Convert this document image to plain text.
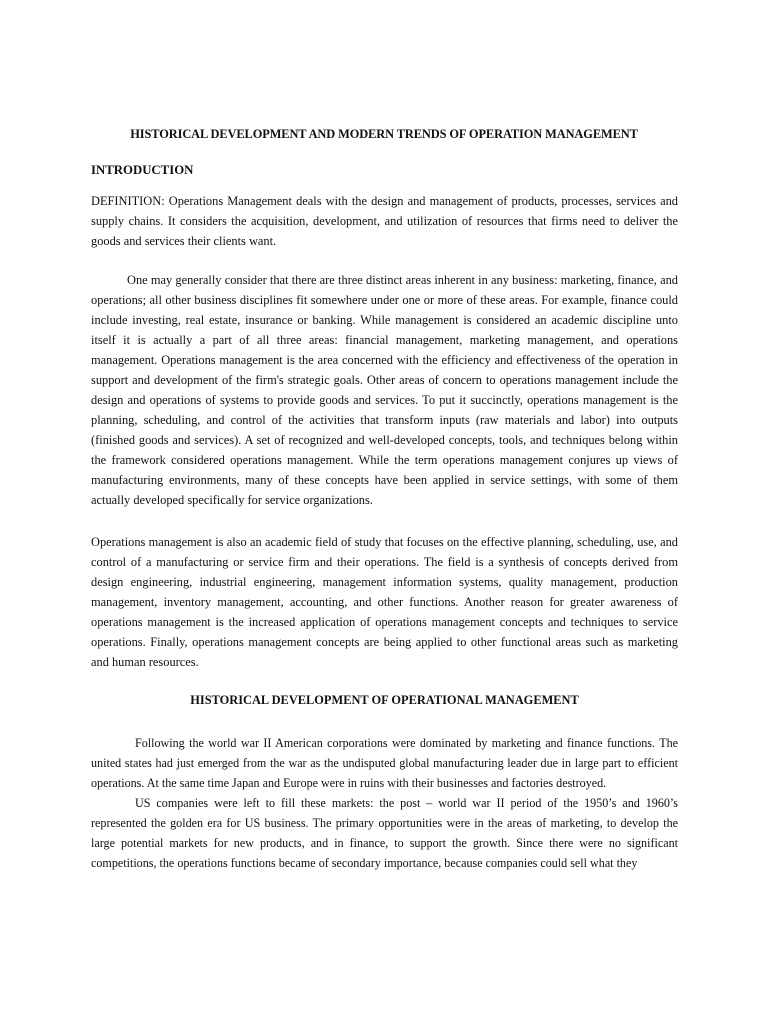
HISTORICAL DEVELOPMENT AND MODERN TRENDS OF OPERATION MANAGEMENT
INTRODUCTION

DEFINITION: Operations Management deals with the design and management of products, processes, services and supply chains. It considers the acquisition, development, and utilization of resources that firms need to deliver the goods and services their clients want.

One may generally consider that there are three distinct areas inherent in any business: marketing, finance, and operations; all other business disciplines fit somewhere under one or more of these areas. For example, finance could include investing, real estate, insurance or banking. While management is considered an academic discipline unto itself it is actually a part of all three areas: financial management, marketing management, and operations management. Operations management is the area concerned with the efficiency and effectiveness of the operation in support and development of the firm's strategic goals. Other areas of concern to operations management include the design and operations of systems to provide goods and services. To put it succinctly, operations management is the planning, scheduling, and control of the activities that transform inputs (raw materials and labor) into outputs (finished goods and services). A set of recognized and well-developed concepts, tools, and techniques belong within the framework considered operations management. While the term operations management conjures up views of manufacturing environments, many of these concepts have been applied in service settings, with some of them actually developed specifically for service organizations.

Operations management is also an academic field of study that focuses on the effective planning, scheduling, use, and control of a manufacturing or service firm and their operations. The field is a synthesis of concepts derived from design engineering, industrial engineering, management information systems, quality management, production management, inventory management, accounting, and other functions. Another reason for greater awareness of operations management is the increased application of operations management concepts and techniques to service operations. Finally, operations management concepts are being applied to other functional areas such as marketing and human resources.

HISTORICAL DEVELOPMENT OF OPERATIONAL MANAGEMENT

Following the world war II American corporations were dominated by marketing and finance functions. The united states had just emerged from the war as the undisputed global manufacturing leader due in large part to efficient operations. At the same time Japan and Europe were in ruins with their businesses and factories destroyed.

US companies were left to fill these markets: the post – world war II period of the 1950’s and 1960’s represented the golden era for US business. The primary opportunities were in the areas of marketing, to develop the large potential markets for new products, and in finance, to support the growth. Since there were no significant competitions, the operations functions became of secondary importance, because companies could sell what they
